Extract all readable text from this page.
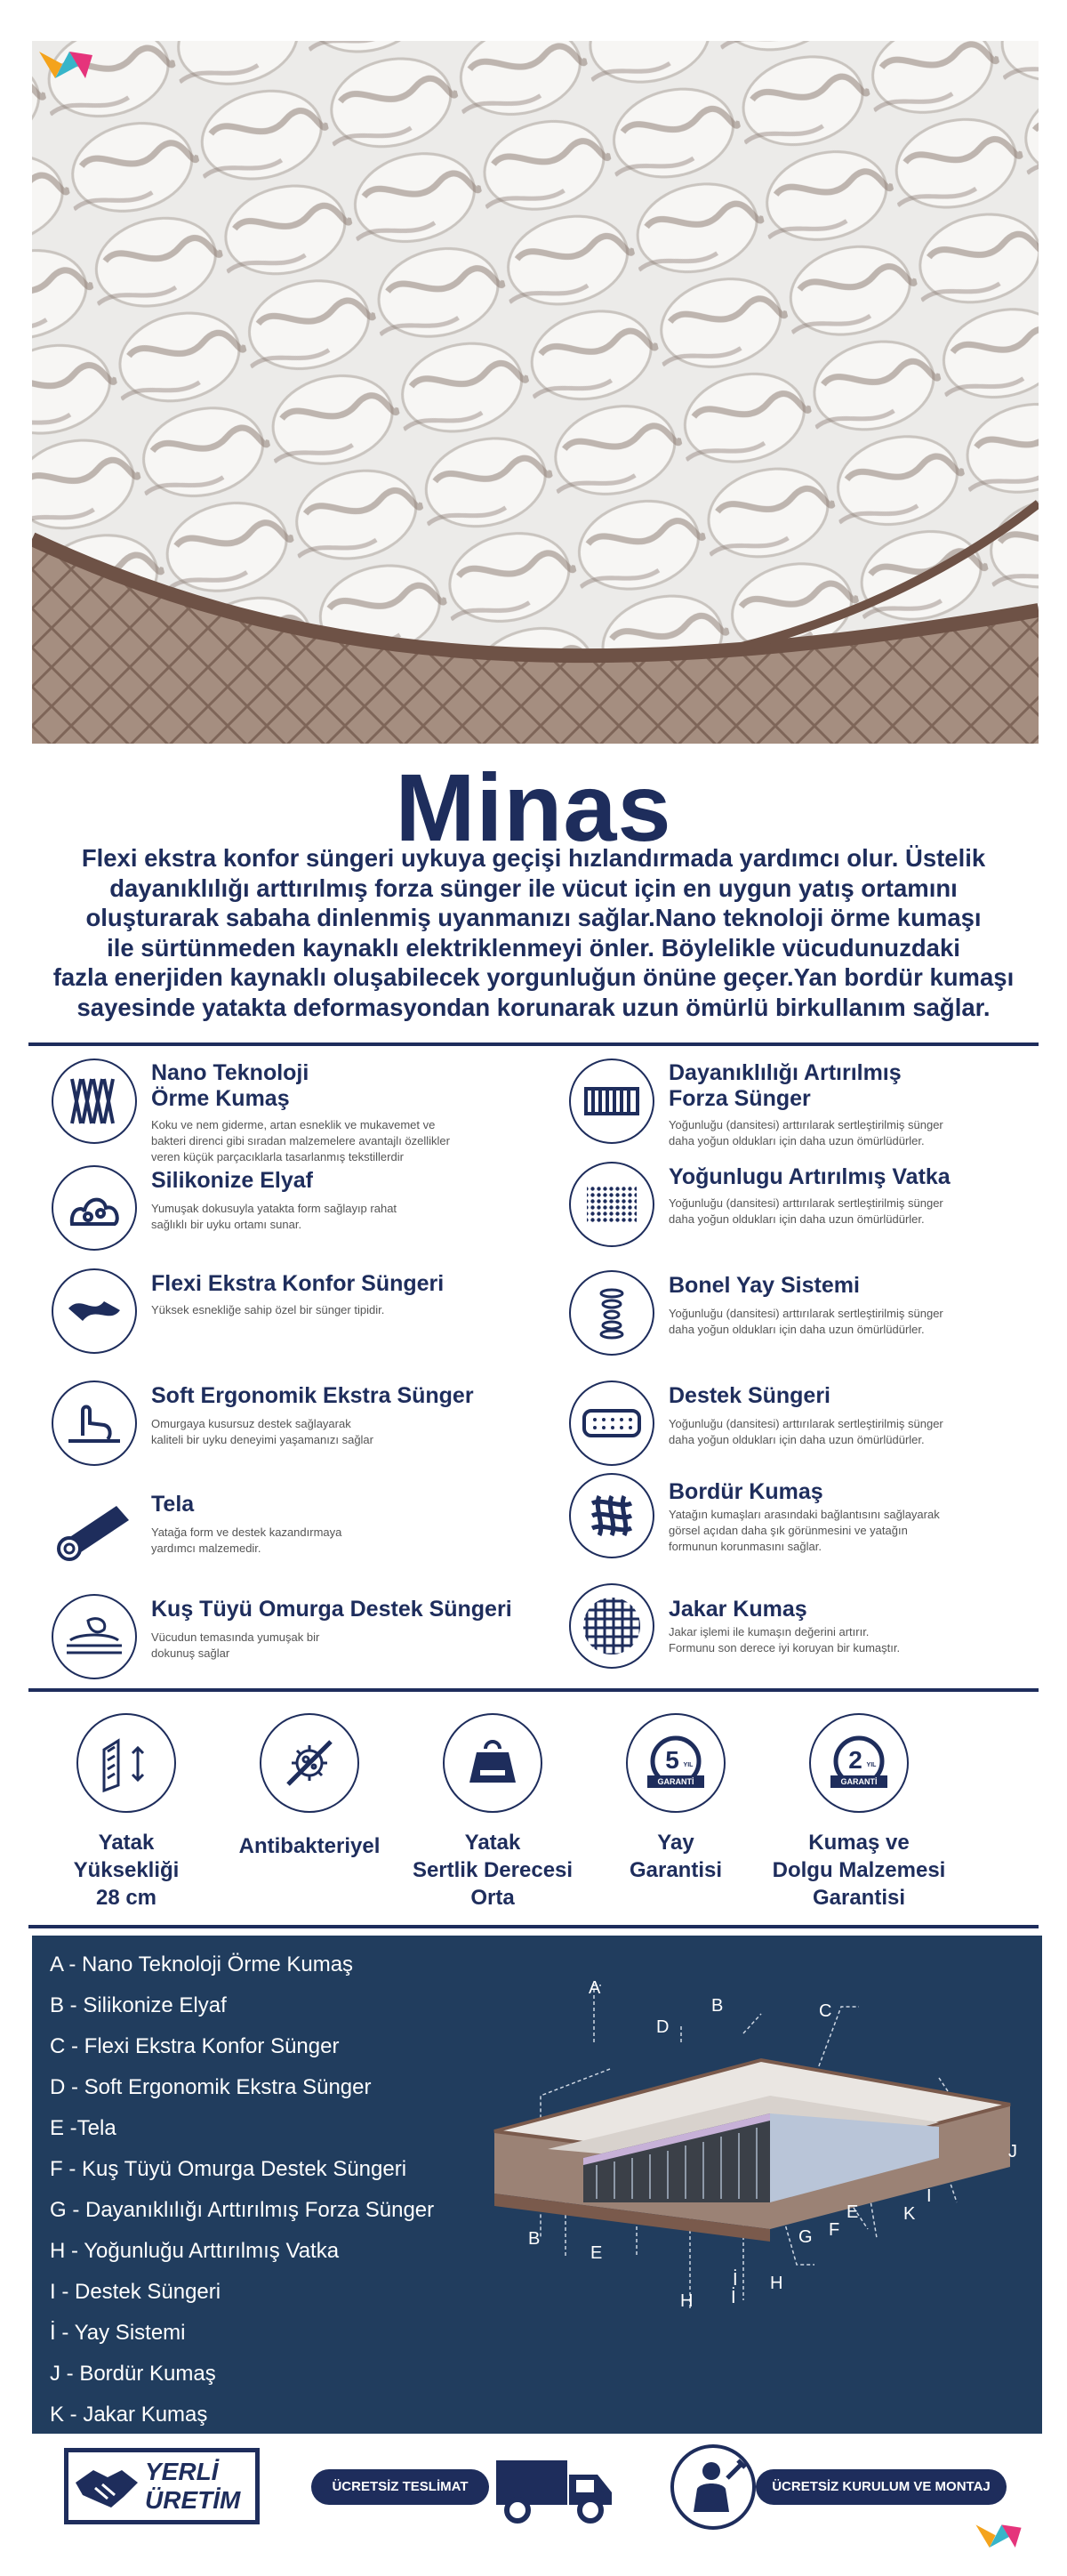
Minas
Flexi ekstra konfor süngeri uykuya geçişi hızlandırmada yardımcı olur. Üstelik
dayanıklılığı arttırılmış forza sünger ile vücut için en uygun yatış ortamını
oluşturarak sabaha dinlenmiş uyanmanızı sağlar.Nano teknoloji örme kumaşı
ile sürtünmeden kaynaklı elektriklenmeyi önler. Böylelikle vücudunuzdaki
fazla enerjiden kaynaklı oluşabilecek yorgunluğun önüne geçer.Yan bordür kumaşı
sayesinde yatakta deformasyondan korunarak uzun ömürlü birkullanım sağlar.
Nano Teknoloji
Örme Kumaş
Koku ve nem giderme, artan esneklik ve mukavemet ve
bakteri direnci gibi sıradan malzemelere avantajlı özellikler
veren küçük parçacıklarla tasarlanmış tekstillerdir
Silikonize Elyaf
Yumuşak dokusuyla yatakta form sağlayıp rahat
sağlıklı bir uyku ortamı sunar.
Flexi Ekstra Konfor Süngeri
Yüksek esnekliğe sahip özel bir sünger tipidir.
Soft Ergonomik Ekstra Sünger
Omurgaya kusursuz destek sağlayarak
kaliteli bir uyku deneyimi yaşamanızı sağlar
Tela
Yatağa form ve destek kazandırmaya
yardımcı malzemedir.
Kuş Tüyü Omurga Destek Süngeri
Vücudun temasında yumuşak bir
dokunuş sağlar
Dayanıklılığı Artırılmış
Forza Sünger
Yoğunluğu (dansitesi) arttırılarak sertleştirilmiş sünger
daha yoğun oldukları için daha uzun ömürlüdürler.
Yoğunlugu Artırılmış Vatka
Yoğunluğu (dansitesi) arttırılarak sertleştirilmiş sünger
daha yoğun oldukları için daha uzun ömürlüdürler.
Bonel Yay Sistemi
Yoğunluğu (dansitesi) arttırılarak sertleştirilmiş sünger
daha yoğun oldukları için daha uzun ömürlüdürler.
Destek Süngeri
Yoğunluğu (dansitesi) arttırılarak sertleştirilmiş sünger
daha yoğun oldukları için daha uzun ömürlüdürler.
Bordür Kumaş
Yatağın kumaşları arasındaki bağlantısını sağlayarak
görsel açıdan daha şık görünmesini ve yatağın
formunun korunmasını sağlar.
Jakar Kumaş
Jakar işlemi ile kumaşın değerini artırır.
Formunu son derece iyi koruyan bir kumaştır.
Yatak
Yüksekliği
28 cm
Antibakteriyel	Yatak
Sertlik Derecesi
Orta
5 YIL
GARANTİ
Yay
Garantisi
2 YIL
GARANTİ
Kumaş ve
Dolgu Malzemesi
Garantisi
A - Nano Teknoloji Örme Kumaş
B - Silikonize Elyaf
C - Flexi Ekstra Konfor Sünger
D - Soft Ergonomik Ekstra Sünger
E -Tela
F - Kuş Tüyü Omurga Destek Süngeri
G - Dayanıklılığı Arttırılmış Forza Sünger
H - Yoğunluğu Arttırılmış Vatka
I - Destek Süngeri
İ - Yay Sistemi
J - Bordür Kumaş
K - Jakar Kumaş
A
B
C
D
E
F
G
H
I
İ
J
K
B
E
H
İ
YERLİ
ÜRETİM	ÜCRETSİZ TESLİMAT	ÜCRETSİZ KURULUM VE MONTAJ
